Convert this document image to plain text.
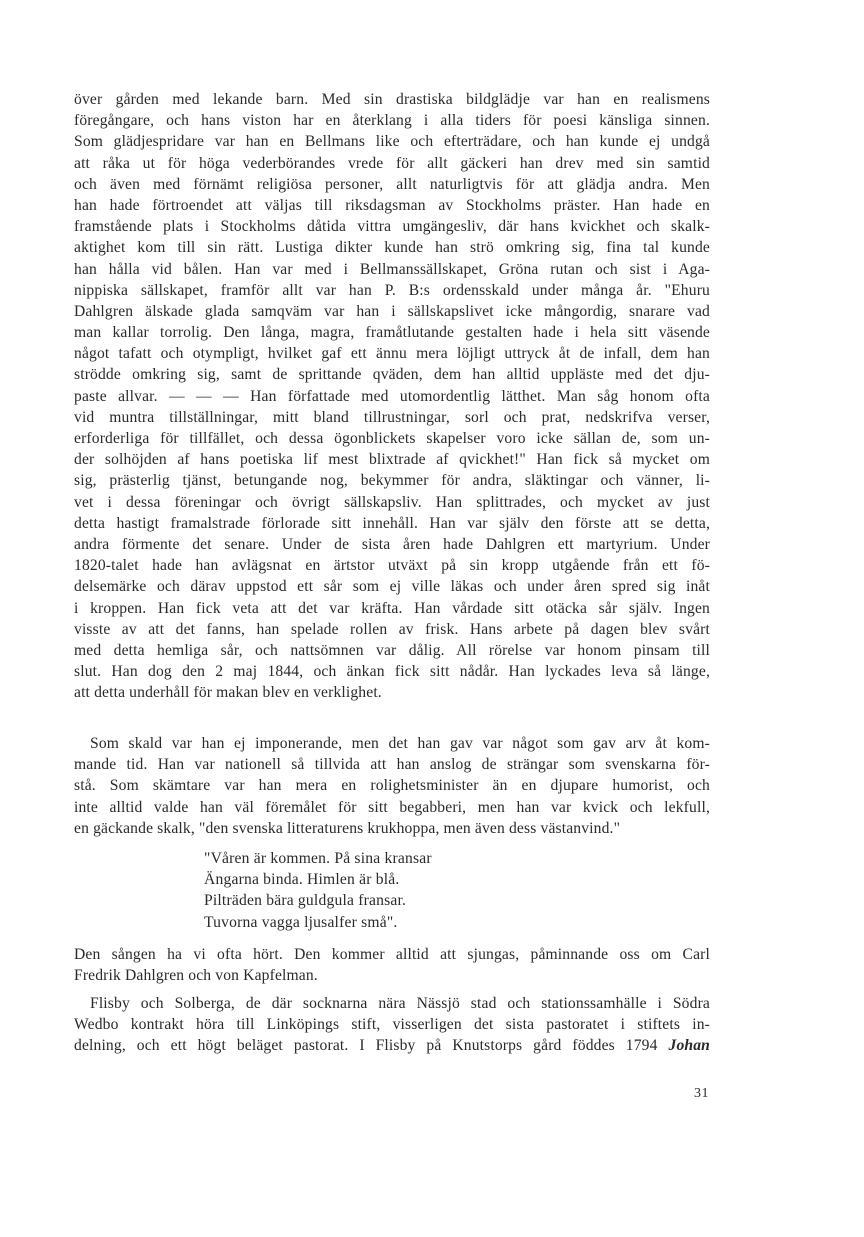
över gården med lekande barn. Med sin drastiska bildglädje var han en realismens
föregångare, och hans viston har en återklang i alla tiders för poesi känsliga sinnen.
Som glädjespridare var han en Bellmans like och efterträdare, och han kunde ej undgå
att råka ut för höga vederbörandes vrede för allt gäckeri han drev med sin samtid
och även med förnämt religiösa personer, allt naturligtvis för att glädja andra. Men
han hade förtroendet att väljas till riksdagsman av Stockholms präster. Han hade en
framstående plats i Stockholms dåtida vittra umgängesliv, där hans kvickhet och skalk-
aktighet kom till sin rätt. Lustiga dikter kunde han strö omkring sig, fina tal kunde
han hålla vid bålen. Han var med i Bellmanssällskapet, Gröna rutan och sist i Aga-
nippiska sällskapet, framför allt var han P. B:s ordensskald under många år. "Ehuru
Dahlgren älskade glada samqväm var han i sällskapslivet icke mångordig, snarare vad
man kallar torrolig. Den långa, magra, framåtlutande gestalten hade i hela sitt väsende
något tafatt och otympligt, hvilket gaf ett ännu mera löjligt uttryck åt de infall, dem han
strödde omkring sig, samt de sprittande qväden, dem han alltid uppläste med det dju-
paste allvar. — — — Han författade med utomordentlig lätthet. Man såg honom ofta
vid muntra tillställningar, mitt bland tillrustningar, sorl och prat, nedskrifva verser,
erforderliga för tillfället, och dessa ögonblickets skapelser voro icke sällan de, som un-
der solhöjden af hans poetiska lif mest blixtrade af qvickhet!" Han fick så mycket om
sig, prästerlig tjänst, betungande nog, bekymmer för andra, släktingar och vänner, li-
vet i dessa föreningar och övrigt sällskapsliv. Han splittrades, och mycket av just
detta hastigt framalstrade förlorade sitt innehåll. Han var själv den förste att se detta,
andra förmente det senare. Under de sista åren hade Dahlgren ett martyrium. Under
1820-talet hade han avlägsnat en ärtstor utväxt på sin kropp utgående från ett fö-
delsemärke och därav uppstod ett sår som ej ville läkas och under åren spred sig inåt
i kroppen. Han fick veta att det var kräfta. Han vårdade sitt otäcka sår själv. Ingen
visste av att det fanns, han spelade rollen av frisk. Hans arbete på dagen blev svårt
med detta hemliga sår, och nattsömnen var dålig. All rörelse var honom pinsam till
slut. Han dog den 2 maj 1844, och änkan fick sitt nådår. Han lyckades leva så länge,
att detta underhåll för makan blev en verklighet.
Som skald var han ej imponerande, men det han gav var något som gav arv åt kom-
mande tid. Han var nationell så tillvida att han anslog de strängar som svenskarna för-
stå. Som skämtare var han mera en rolighetsminister än en djupare humorist, och
inte alltid valde han väl föremålet för sitt begabberi, men han var kvick och lekfull,
en gäckande skalk, "den svenska litteraturens krukhoppa, men även dess västanvind."
"Våren är kommen. På sina kransar
Ängarna binda. Himlen är blå.
Pilträden bära guldgula fransar.
Tuvorna vagga ljusalfer små".
Den sången ha vi ofta hört. Den kommer alltid att sjungas, påminnande oss om Carl
Fredrik Dahlgren och von Kapfelman.
Flisby och Solberga, de där socknarna nära Nässjö stad och stationssamhälle i Södra
Wedbo kontrakt höra till Linköpings stift, visserligen det sista pastoratet i stiftets in-
delning, och ett högt beläget pastorat. I Flisby på Knutstorps gård föddes 1794 Johan
31
